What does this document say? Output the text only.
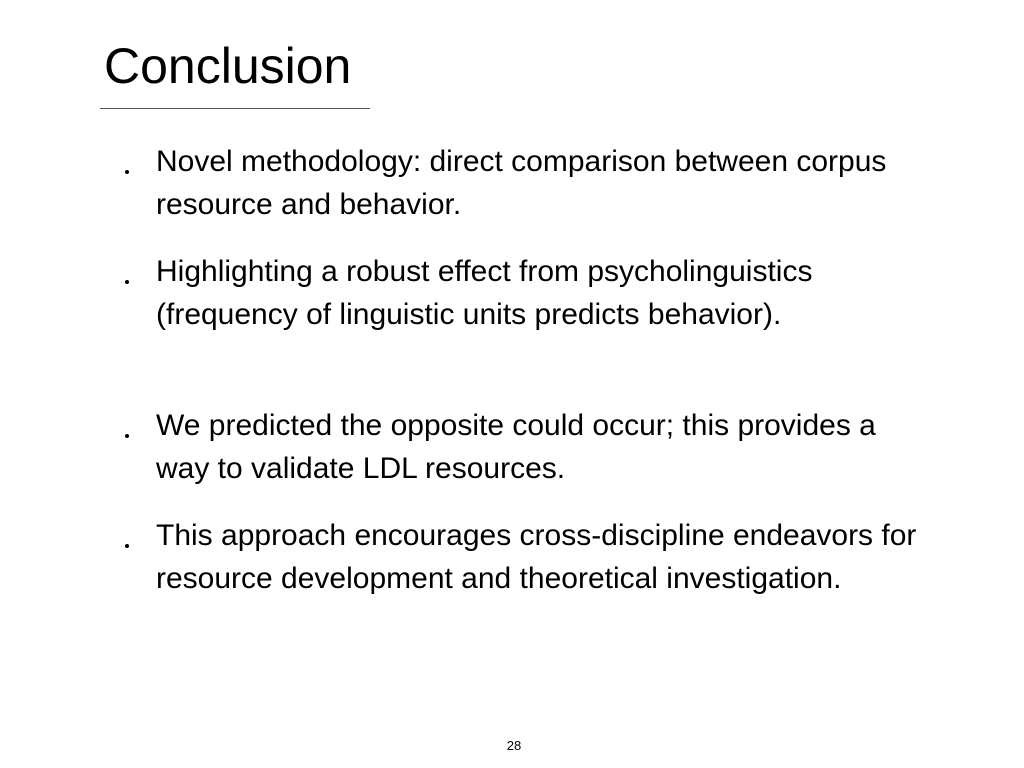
Conclusion

Novel methodology: direct comparison between corpus resource and behavior.

Highlighting a robust effect from psycholinguistics (frequency of linguistic units predicts behavior).

We predicted the opposite could occur; this provides a way to validate LDL resources.

This approach encourages cross-discipline endeavors for resource development and theoretical investigation.

28
